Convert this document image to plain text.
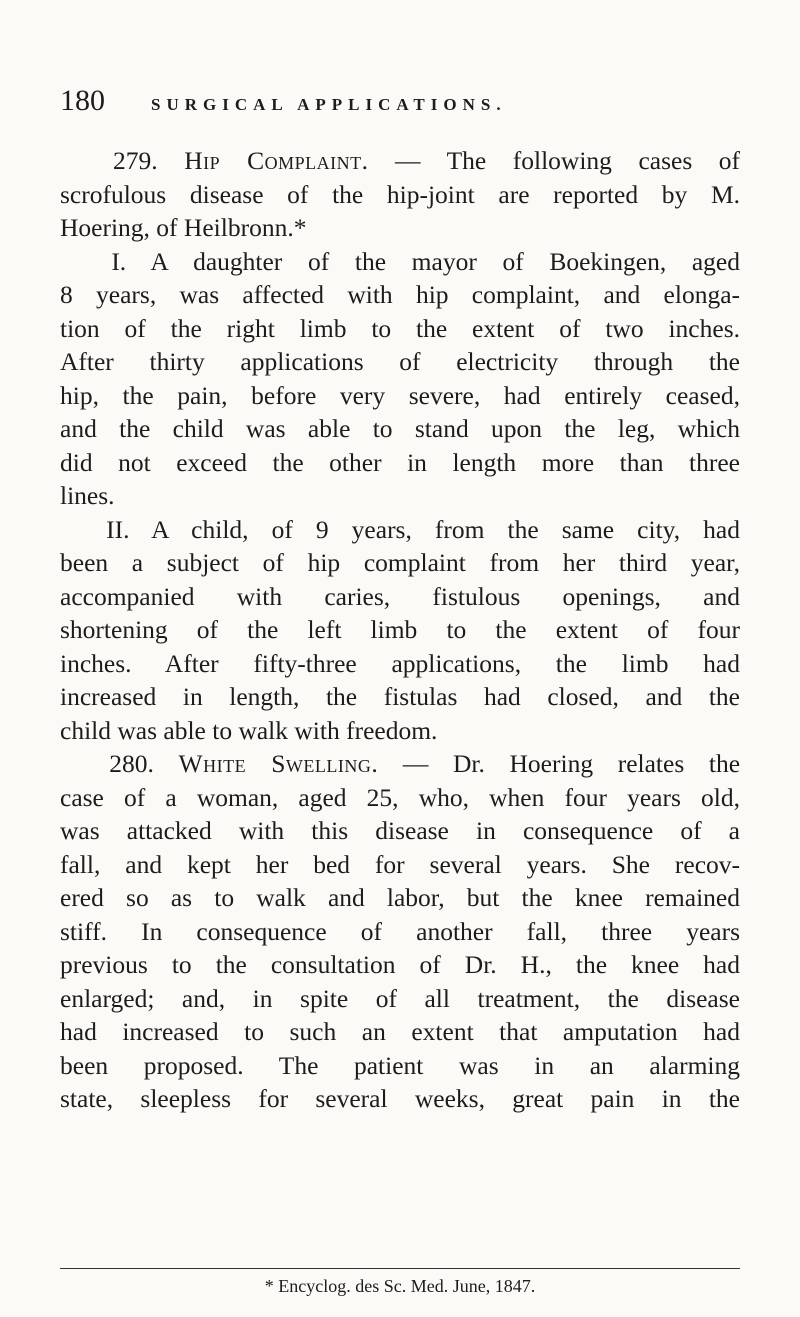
180	SURGICAL APPLICATIONS.
279. Hip Complaint. — The following cases of
scrofulous disease of the hip-joint are reported by M.
Hoering, of Heilbronn.*
I. A daughter of the mayor of Boekingen, aged
8 years, was affected with hip complaint, and elonga-
tion of the right limb to the extent of two inches.
After thirty applications of electricity through the
hip, the pain, before very severe, had entirely ceased,
and the child was able to stand upon the leg, which
did not exceed the other in length more than three
lines.
II. A child, of 9 years, from the same city, had
been a subject of hip complaint from her third year,
accompanied with caries, fistulous openings, and
shortening of the left limb to the extent of four
inches. After fifty-three applications, the limb had
increased in length, the fistulas had closed, and the
child was able to walk with freedom.
280. White Swelling. — Dr. Hoering relates the
case of a woman, aged 25, who, when four years old,
was attacked with this disease in consequence of a
fall, and kept her bed for several years. She recov-
ered so as to walk and labor, but the knee remained
stiff. In consequence of another fall, three years
previous to the consultation of Dr. H., the knee had
enlarged; and, in spite of all treatment, the disease
had increased to such an extent that amputation had
been proposed. The patient was in an alarming
state, sleepless for several weeks, great pain in the
* Encyclog. des Sc. Med. June, 1847.
